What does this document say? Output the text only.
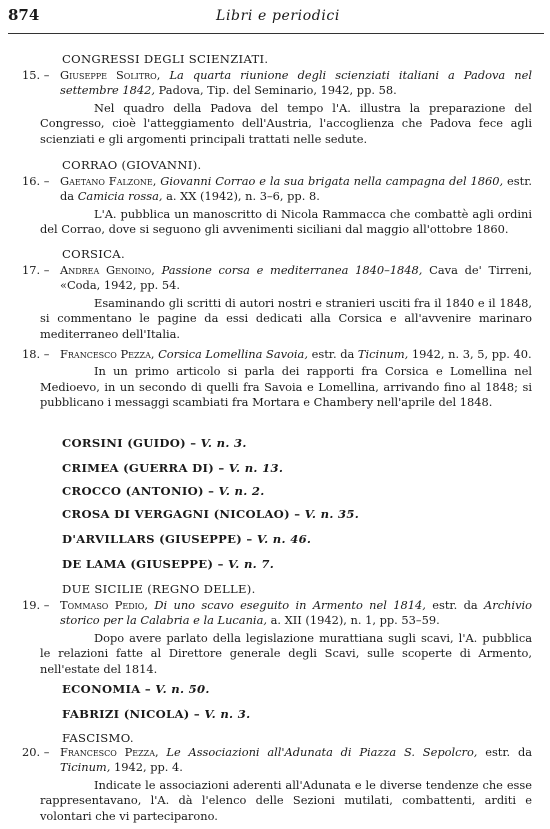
874	Libri e periodici
CONGRESSI DEGLI SCIENZIATI.
15. – Giuseppe Solitro, La quarta riunione degli scienziati italiani a Padova nel settembre 1842, Padova, Tip. del Seminario, 1942, pp. 58.
Nel quadro della Padova del tempo l'A. illustra la preparazione del Congresso, cioè l'atteggiamento dell'Austria, l'accoglienza che Padova fece agli scienziati e gli argomenti principali trattati nelle sedute.
CORRAO (GIOVANNI).
16. – Gaetano Falzone, Giovanni Corrao e la sua brigata nella campagna del 1860, estr. da Camicia rossa, a. XX (1942), n. 3–6, pp. 8.
L'A. pubblica un manoscritto di Nicola Rammacca che combattè agli ordini del Corrao, dove si seguono gli avvenimenti siciliani dal maggio all'ottobre 1860.
CORSICA.
17. – Andrea Genoino, Passione corsa e mediterranea 1840–1848, Cava de' Tirreni, «Coda, 1942, pp. 54.
Esaminando gli scritti di autori nostri e stranieri usciti fra il 1840 e il 1848, si commentano le pagine da essi dedicati alla Corsica e all'avvenire marinaro mediterraneo dell'Italia.
18. – Francesco Pezza, Corsica Lomellina Savoia, estr. da Ticinum, 1942, n. 3, 5, pp. 40.
In un primo articolo si parla dei rapporti fra Corsica e Lomellina nel Medioevo, in un secondo di quelli fra Savoia e Lomellina, arrivando fino al 1848; si pubblicano i messaggi scambiati fra Mortara e Chambery nell'aprile del 1848.
CORSINI (GUIDO) – V. n. 3.
CRIMEA (GUERRA DI) – V. n. 13.
CROCCO (ANTONIO) – V. n. 2.
CROSA DI VERGAGNI (NICOLAO) – V. n. 35.
D'ARVILLARS (GIUSEPPE) – V. n. 46.
DE LAMA (GIUSEPPE) – V. n. 7.
DUE SICILIE (REGNO DELLE).
19. – Tommaso Pedio, Di uno scavo eseguito in Armento nel 1814, estr. da Archivio storico per la Calabria e la Lucania, a. XII (1942), n. 1, pp. 53–59.
Dopo avere parlato della legislazione murattiana sugli scavi, l'A. pubblica le relazioni fatte al Direttore generale degli Scavi, sulle scoperte di Armento, nell'estate del 1814.
ECONOMIA – V. n. 50.
FABRIZI (NICOLA) – V. n. 3.
FASCISMO.
20. – Francesco Pezza, Le Associazioni all'Adunata di Piazza S. Sepolcro, estr. da Ticinum, 1942, pp. 4.
Indicate le associazioni aderenti all'Adunata e le diverse tendenze che esse rappresentavano, l'A. dà l'elenco delle Sezioni mutilati, combattenti, arditi e volontari che vi parteciparono.
